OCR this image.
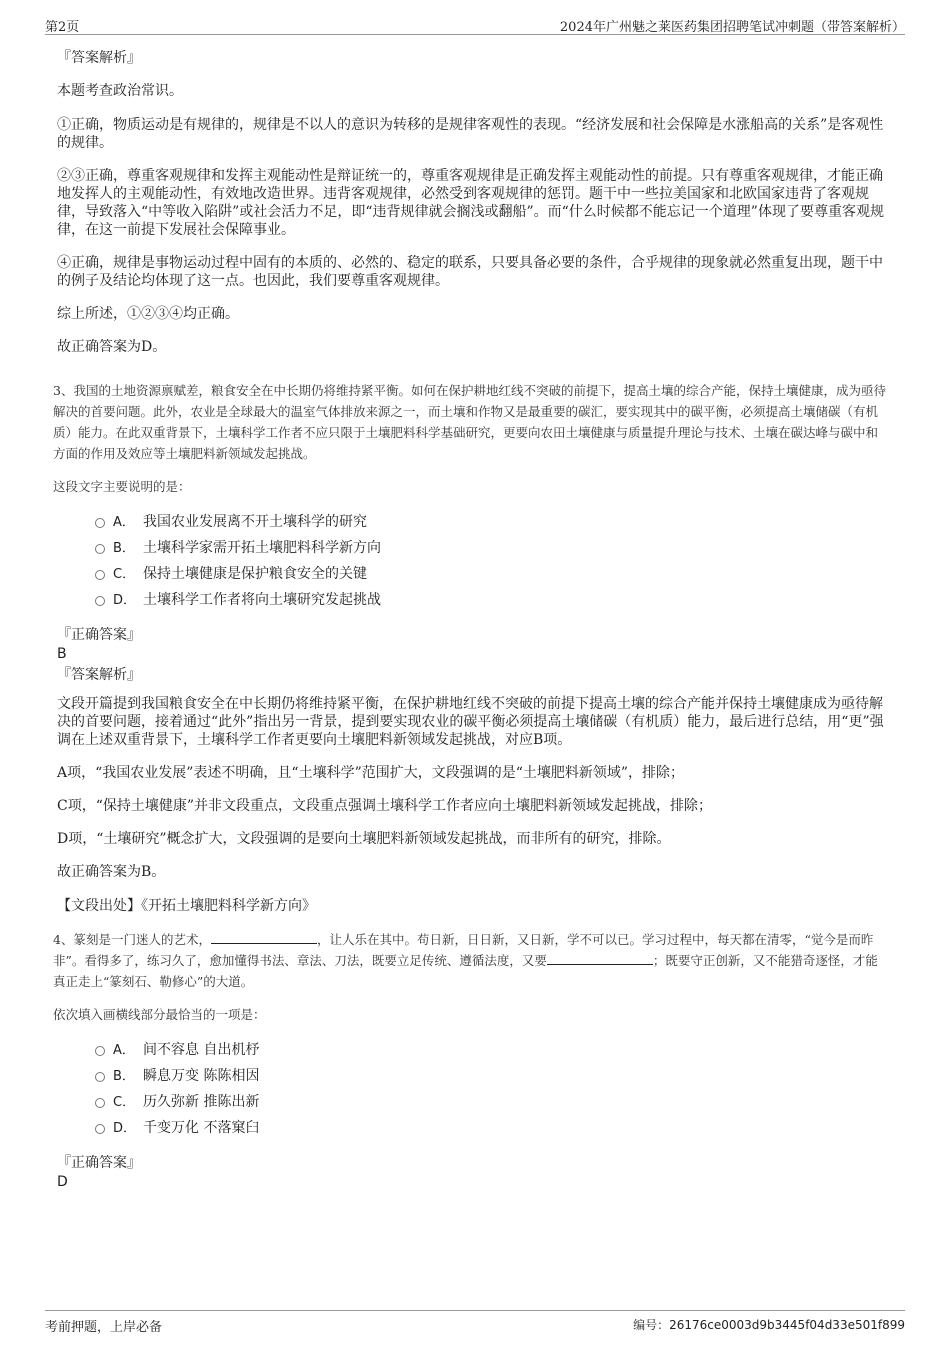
第2页	2024年广州魅之莱医药集团招聘笔试冲刺题（带答案解析）

『答案解析』

本题考查政治常识。

①正确，物质运动是有规律的，规律是不以人的意识为转移的是规律客观性的表现。“经济发展和社会保障是水涨船高的关系”是客观性的规律。

②③正确，尊重客观规律和发挥主观能动性是辩证统一的，尊重客观规律是正确发挥主观能动性的前提。只有尊重客观规律，才能正确地发挥人的主观能动性，有效地改造世界。违背客观规律，必然受到客观规律的惩罚。题干中一些拉美国家和北欧国家违背了客观规律，导致落入“中等收入陷阱”或社会活力不足，即“违背规律就会搁浅或翻船”。而“什么时候都不能忘记一个道理”体现了要尊重客观规律，在这一前提下发展社会保障事业。

④正确，规律是事物运动过程中固有的本质的、必然的、稳定的联系，只要具备必要的条件，合乎规律的现象就必然重复出现，题干中的例子及结论均体现了这一点。也因此，我们要尊重客观规律。

综上所述，①②③④均正确。

故正确答案为D。

3、我国的土地资源禀赋差，粮食安全在中长期仍将维持紧平衡。如何在保护耕地红线不突破的前提下，提高土壤的综合产能，保持土壤健康，成为亟待解决的首要问题。此外，农业是全球最大的温室气体排放来源之一，而土壤和作物又是最重要的碳汇，要实现其中的碳平衡，必须提高土壤储碳（有机质）能力。在此双重背景下，土壤科学工作者不应只限于土壤肥料科学基础研究，更要向农田土壤健康与质量提升理论与技术、土壤在碳达峰与碳中和方面的作用及效应等土壤肥料新领域发起挑战。

这段文字主要说明的是：

A． 我国农业发展离不开土壤科学的研究
B． 土壤科学家需开拓土壤肥料科学新方向
C． 保持土壤健康是保护粮食安全的关键
D． 土壤科学工作者将向土壤研究发起挑战

『正确答案』

B

『答案解析』

文段开篇提到我国粮食安全在中长期仍将维持紧平衡，在保护耕地红线不突破的前提下提高土壤的综合产能并保持土壤健康成为亟待解决的首要问题，接着通过“此外”指出另一背景，提到要实现农业的碳平衡必须提高土壤储碳（有机质）能力，最后进行总结，用“更”强调在上述双重背景下，土壤科学工作者更要向土壤肥料新领域发起挑战，对应B项。

A项，“我国农业发展”表述不明确，且“土壤科学”范围扩大，文段强调的是“土壤肥料新领域”，排除；

C项，“保持土壤健康”并非文段重点，文段重点强调土壤科学工作者应向土壤肥料新领域发起挑战，排除；

D项，“土壤研究”概念扩大，文段强调的是要向土壤肥料新领域发起挑战，而非所有的研究，排除。

故正确答案为B。

【文段出处】《开拓土壤肥料科学新方向》

4、篆刻是一门迷人的艺术，	，让人乐在其中。苟日新，日日新，又日新，学不可以已。学习过程中，每天都在清零，“觉今是而昨非”。看得多了，练习久了，愈加懂得书法、章法、刀法，既要立足传统、遵循法度，又要	；既要守正创新，又不能猎奇逐怪，才能真正走上“篆刻石、勒修心”的大道。

依次填入画横线部分最恰当的一项是：

A． 间不容息 自出机杼
B． 瞬息万变 陈陈相因
C． 历久弥新 推陈出新
D． 千变万化 不落窠臼

『正确答案』

D

考前押题，上岸必备	编号：26176ce0003d9b3445f04d33e501f899
